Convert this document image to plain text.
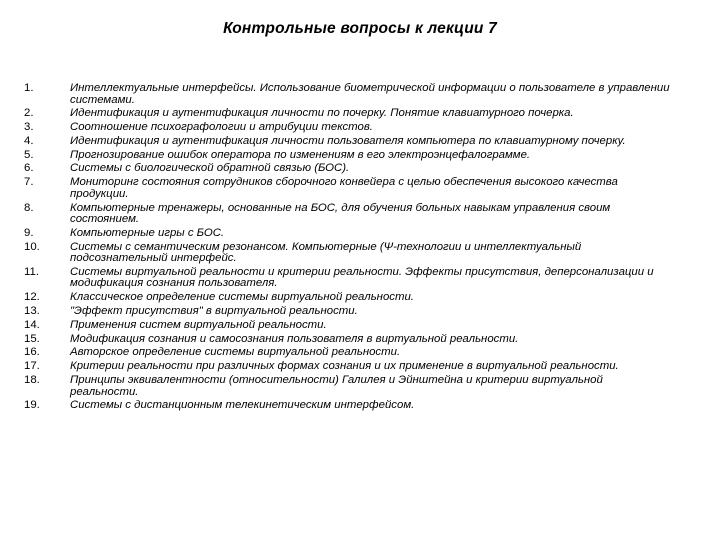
Контрольные вопросы к лекции 7
1.	Интеллектуальные интерфейсы. Использование биометрической информации о пользователе в управлении системами.
2.	Идентификация и аутентификация личности по почерку. Понятие клавиатурного почерка.
3.	Соотношение психографологии и атрибуции текстов.
4.	Идентификация и аутентификация личности пользователя компьютера по клавиатурному почерку.
5.	Прогнозирование ошибок оператора по изменениям в его электроэнцефалограмме.
6.	Системы с биологической обратной связью (БОС).
7.	Мониторинг состояния сотрудников сборочного конвейера с целью обеспечения высокого качества продукции.
8.	Компьютерные тренажеры, основанные на БОС, для обучения больных навыкам управления своим состоянием.
9.	Компьютерные игры с БОС.
10.	Системы с семантическим резонансом. Компьютерные (Ψ-технологии и интеллектуальный подсознательный интерфейс.
11.	Системы виртуальной реальности и критерии реальности. Эффекты присутствия, деперсонализации и модификация сознания пользователя.
12.	Классическое определение системы виртуальной реальности.
13.	"Эффект присутствия" в виртуальной реальности.
14.	Применения систем виртуальной реальности.
15.	Модификация сознания и самосознания пользователя в виртуальной реальности.
16.	Авторское определение системы виртуальной реальности.
17.	Критерии реальности при различных формах сознания и их применение в виртуальной реальности.
18.	Принципы эквивалентности (относительности) Галилея и Эйнштейна и критерии виртуальной реальности.
19.	Системы с дистанционным телекинетическим интерфейсом.
